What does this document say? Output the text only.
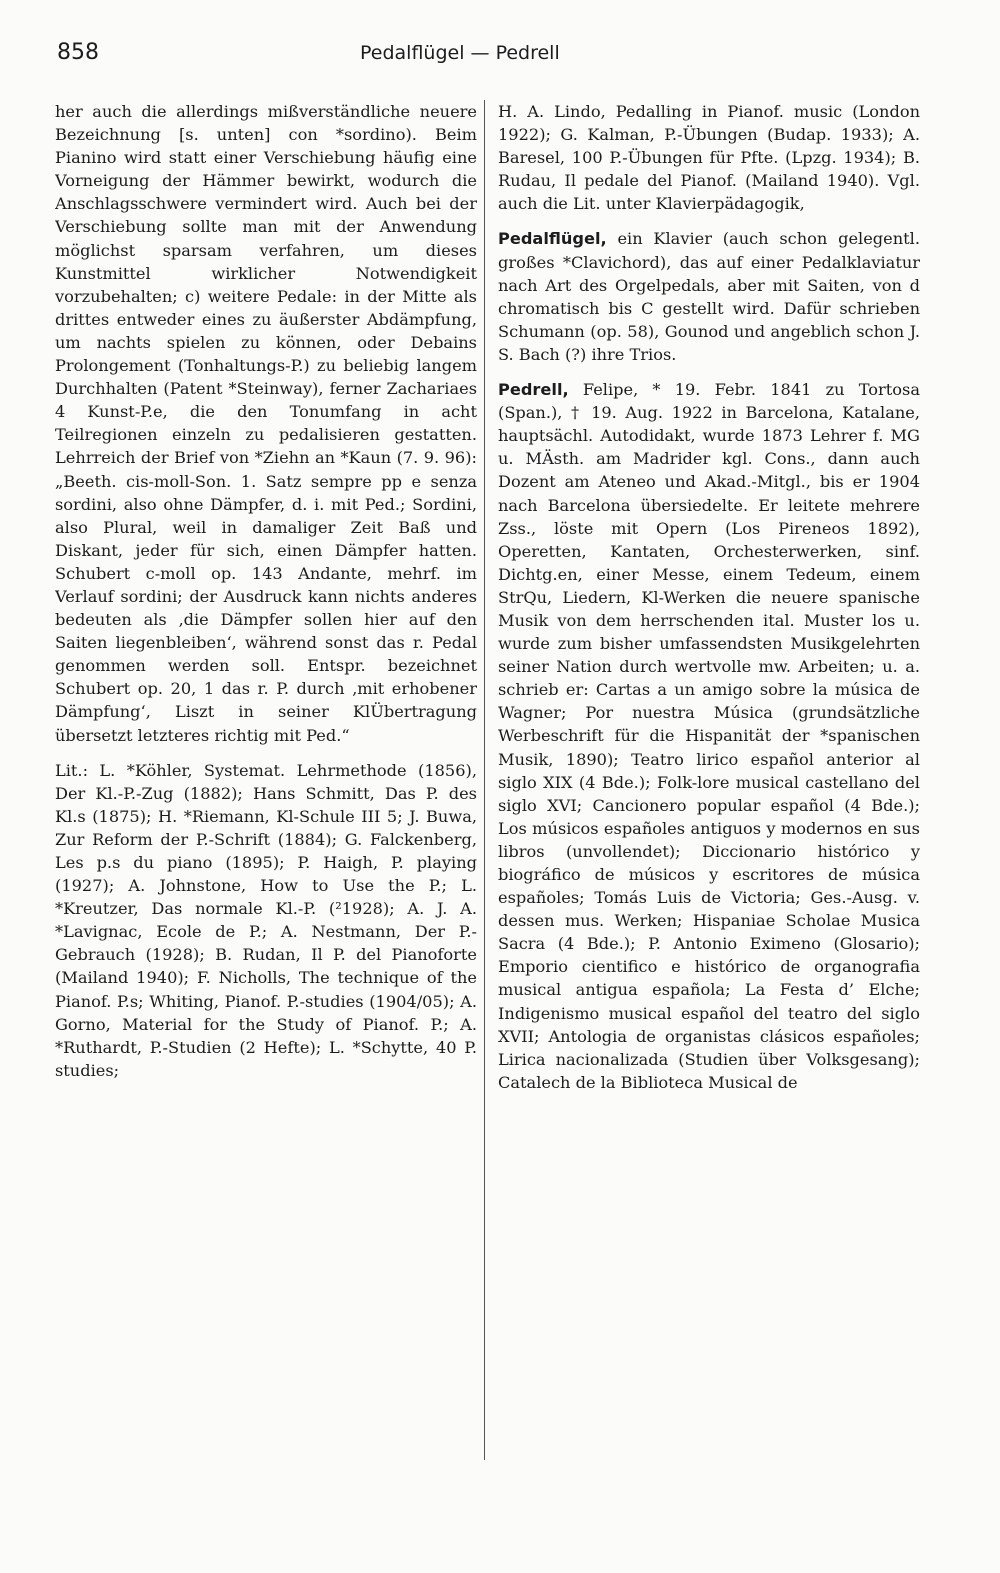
858	Pedalflügel — Pedrell

her auch die allerdings mißverständliche neuere Bezeichnung [s. unten] con *sordino). Beim Pianino wird statt einer Verschiebung häufig eine Vorneigung der Hämmer bewirkt, wodurch die Anschlagsschwere vermindert wird. Auch bei der Verschiebung sollte man mit der Anwendung möglichst sparsam verfahren, um dieses Kunstmittel wirklicher Notwendigkeit vorzubehalten; c) weitere Pedale: in der Mitte als drittes entweder eines zu äußerster Abdämpfung, um nachts spielen zu können, oder Debains Prolongement (Tonhaltungs-P.) zu beliebig langem Durchhalten (Patent *Steinway), ferner Zachariaes 4 Kunst-P.e, die den Tonumfang in acht Teilregionen einzeln zu pedalisieren gestatten. Lehrreich der Brief von *Ziehn an *Kaun (7. 9. 96): „Beeth. cis-moll-Son. 1. Satz sempre pp e senza sordini, also ohne Dämpfer, d. i. mit Ped.; Sordini, also Plural, weil in damaliger Zeit Baß und Diskant, jeder für sich, einen Dämpfer hatten. Schubert c-moll op. 143 Andante, mehrf. im Verlauf sordini; der Ausdruck kann nichts anderes bedeuten als ‚die Dämpfer sollen hier auf den Saiten liegenbleiben‘, während sonst das r. Pedal genommen werden soll. Entspr. bezeichnet Schubert op. 20, 1 das r. P. durch ‚mit erhobener Dämpfung‘, Liszt in seiner KlÜbertragung übersetzt letzteres richtig mit Ped.“

Lit.: L. *Köhler, Systemat. Lehrmethode (1856), Der Kl.-P.-Zug (1882); Hans Schmitt, Das P. des Kl.s (1875); H. *Riemann, Kl-Schule III 5; J. Buwa, Zur Reform der P.-Schrift (1884); G. Falckenberg, Les p.s du piano (1895); P. Haigh, P. playing (1927); A. Johnstone, How to Use the P.; L. *Kreutzer, Das normale Kl.-P. (²1928); A. J. A. *Lavignac, Ecole de P.; A. Nestmann, Der P.-Gebrauch (1928); B. Rudan, Il P. del Pianoforte (Mailand 1940); F. Nicholls, The technique of the Pianof. P.s; Whiting, Pianof. P.-studies (1904/05); A. Gorno, Material for the Study of Pianof. P.; A. *Ruthardt, P.-Studien (2 Hefte); L. *Schytte, 40 P. studies;

H. A. Lindo, Pedalling in Pianof. music (London 1922); G. Kalman, P.-Übungen (Budap. 1933); A. Baresel, 100 P.-Übungen für Pfte. (Lpzg. 1934); B. Rudau, Il pedale del Pianof. (Mailand 1940). Vgl. auch die Lit. unter Klavierpädagogik,

Pedalflügel, ein Klavier (auch schon gelegentl. großes *Clavichord), das auf einer Pedalklaviatur nach Art des Orgelpedals, aber mit Saiten, von d chromatisch bis C gestellt wird. Dafür schrieben Schumann (op. 58), Gounod und angeblich schon J. S. Bach (?) ihre Trios.

Pedrell, Felipe, * 19. Febr. 1841 zu Tortosa (Span.), † 19. Aug. 1922 in Barcelona, Katalane, hauptsächl. Autodidakt, wurde 1873 Lehrer f. MG u. MÄsth. am Madrider kgl. Cons., dann auch Dozent am Ateneo und Akad.-Mitgl., bis er 1904 nach Barcelona übersiedelte. Er leitete mehrere Zss., löste mit Opern (Los Pireneos 1892), Operetten, Kantaten, Orchesterwerken, sinf. Dichtg.en, einer Messe, einem Tedeum, einem StrQu, Liedern, Kl-Werken die neuere spanische Musik von dem herrschenden ital. Muster los u. wurde zum bisher umfassendsten Musikgelehrten seiner Nation durch wertvolle mw. Arbeiten; u. a. schrieb er: Cartas a un amigo sobre la música de Wagner; Por nuestra Música (grundsätzliche Werbeschrift für die Hispanität der *spanischen Musik, 1890); Teatro lirico español anterior al siglo XIX (4 Bde.); Folk-lore musical castellano del siglo XVI; Cancionero popular español (4 Bde.); Los músicos españoles antiguos y modernos en sus libros (unvollendet); Diccionario histórico y biográfico de músicos y escritores de música españoles; Tomás Luis de Victoria; Ges.-Ausg. v. dessen mus. Werken; Hispaniae Scholae Musica Sacra (4 Bde.); P. Antonio Eximeno (Glosario); Emporio cientifico e histórico de organografia musical antigua española; La Festa d’ Elche; Indigenismo musical español del teatro del siglo XVII; Antologia de organistas clásicos españoles; Lirica nacionalizada (Studien über Volksgesang); Catalech de la Biblioteca Musical de
